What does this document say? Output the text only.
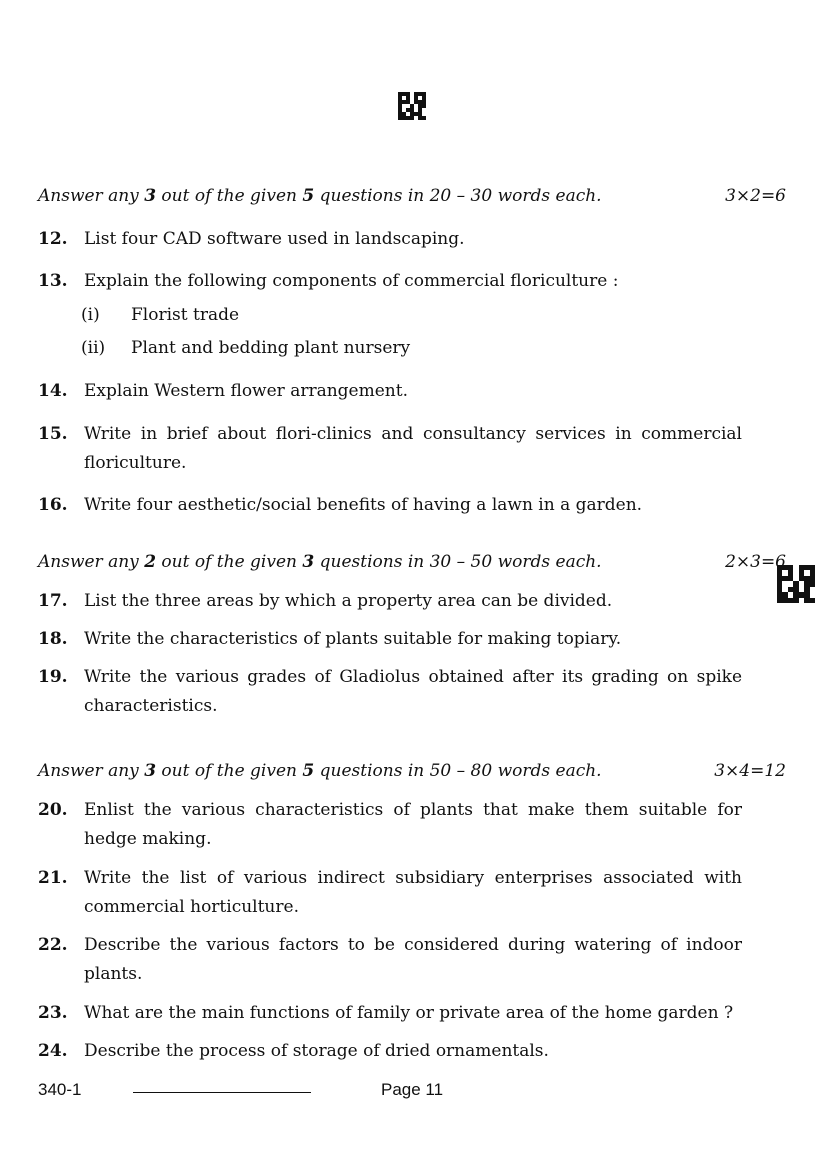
Answer any 3 out of the given 5 questions in 20 – 30 words each.	3×2=6
12. List four CAD software used in landscaping.
13. Explain the following components of commercial floriculture :
(i)	Florist trade
(ii)	Plant and bedding plant nursery
14. Explain Western flower arrangement.
15. Write in brief about flori-clinics and consultancy services in commercial floriculture.
16. Write four aesthetic/social benefits of having a lawn in a garden.
Answer any 2 out of the given 3 questions in 30 – 50 words each.	2×3=6
17. List the three areas by which a property area can be divided.
18. Write the characteristics of plants suitable for making topiary.
19. Write the various grades of Gladiolus obtained after its grading on spike characteristics.
Answer any 3 out of the given 5 questions in 50 – 80 words each.	3×4=12
20. Enlist the various characteristics of plants that make them suitable for hedge making.
21. Write the list of various indirect subsidiary enterprises associated with commercial horticulture.
22. Describe the various factors to be considered during watering of indoor plants.
23. What are the main functions of family or private area of the home garden ?
24. Describe the process of storage of dried ornamentals.
340-1	Page 11
